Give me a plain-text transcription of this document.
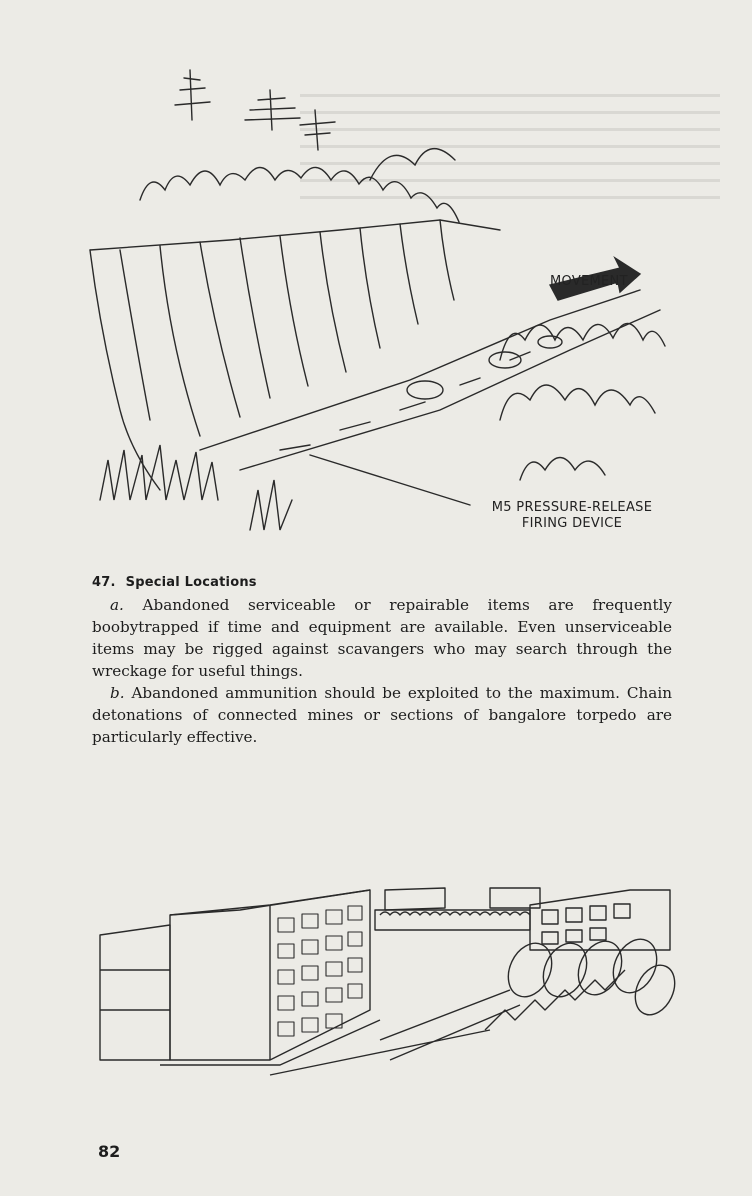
MOVEMENT
M5 PRESSURE-RELEASE
FIRING DEVICE
47. Special Locations

a. Abandoned serviceable or repairable items are frequently boobytrapped if time and equipment are available. Even unserviceable items may be rigged against scavangers who may search through the wreckage for useful things.

b. Abandoned ammunition should be exploited to the maximum. Chain detonations of connected mines or sections of bangalore torpedo are particularly effective.

82
